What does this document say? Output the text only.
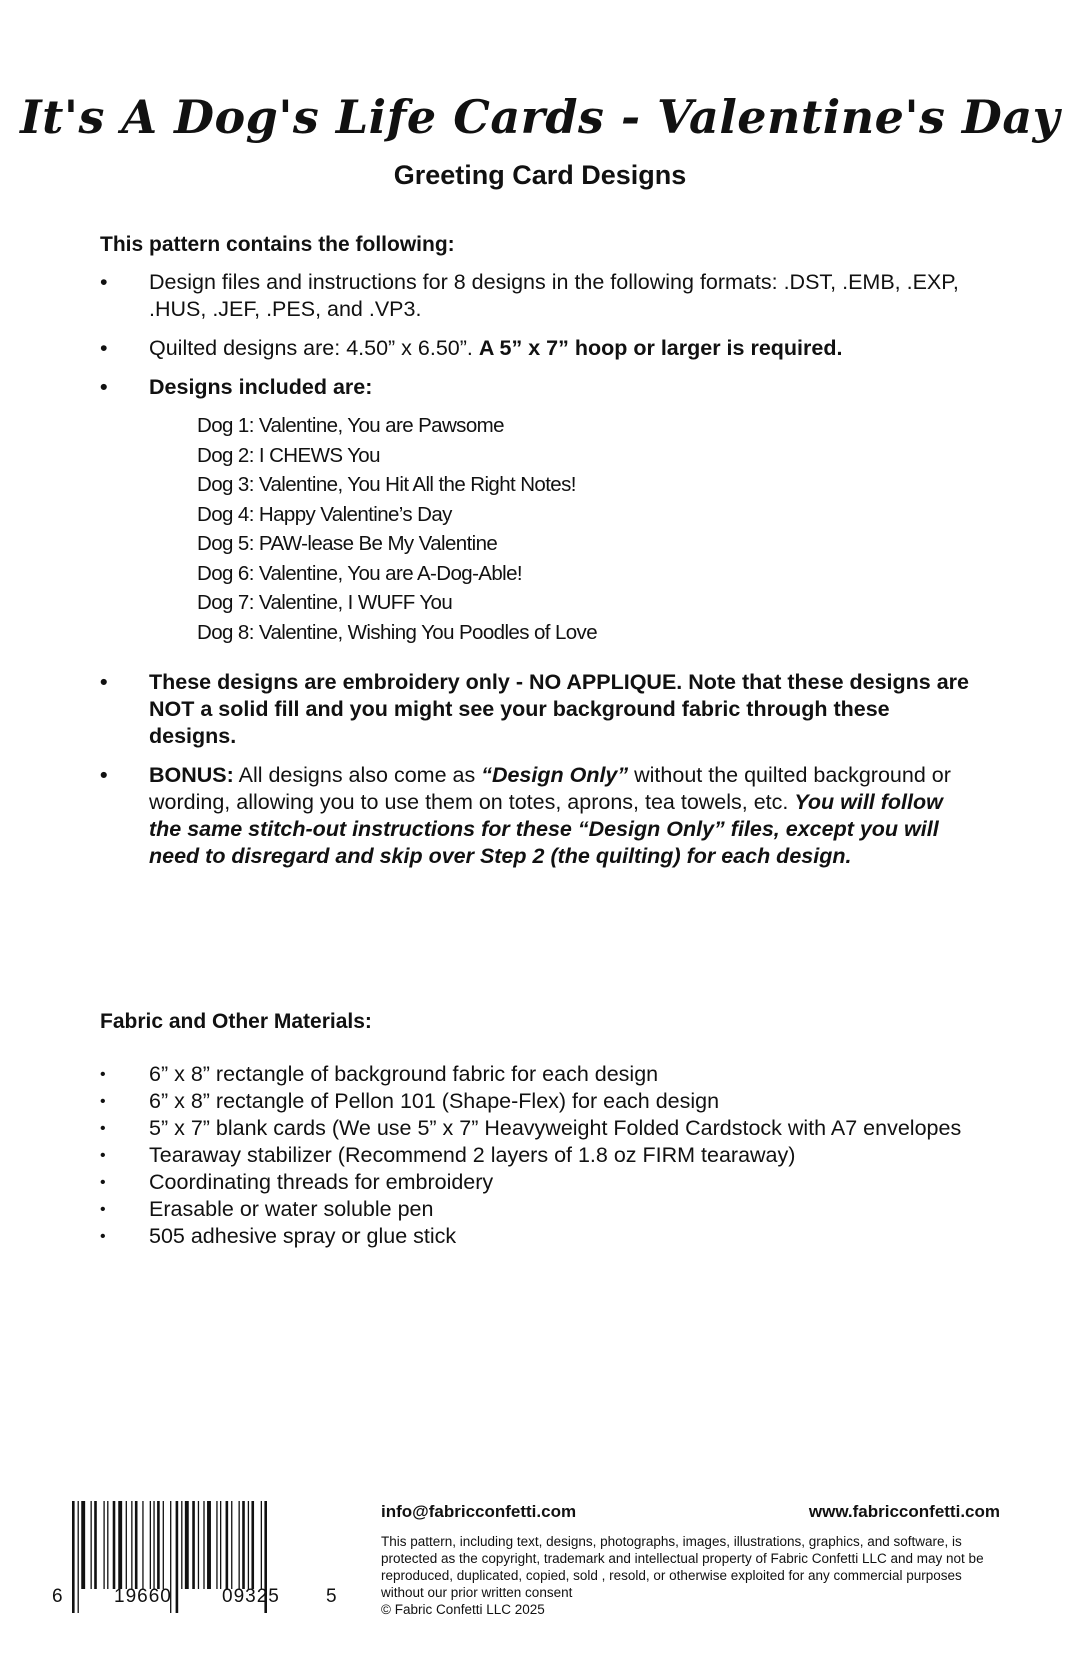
It's A Dog's Life Cards - Valentine's Day
Greeting Card Designs
This pattern contains the following:
• Design files and instructions for 8 designs in the following formats: .DST, .EMB, .EXP, .HUS, .JEF, .PES, and .VP3.
• Quilted designs are: 4.50” x 6.50”. A 5” x 7” hoop or larger is required.
• Designs included are:
Dog 1: Valentine, You are Pawsome
Dog 2: I CHEWS You
Dog 3: Valentine, You Hit All the Right Notes!
Dog 4: Happy Valentine’s Day
Dog 5: PAW-lease Be My Valentine
Dog 6: Valentine, You are A-Dog-Able!
Dog 7: Valentine, I WUFF You
Dog 8: Valentine, Wishing You Poodles of Love
• These designs are embroidery only - NO APPLIQUE. Note that these designs are NOT a solid fill and you might see your background fabric through these designs.
• BONUS: All designs also come as “Design Only” without the quilted background or wording, allowing you to use them on totes, aprons, tea towels, etc. You will follow the same stitch-out instructions for these “Design Only” files, except you will need to disregard and skip over Step 2 (the quilting) for each design.
Fabric and Other Materials:
• 6” x 8” rectangle of background fabric for each design
• 6” x 8” rectangle of Pellon 101 (Shape-Flex) for each design
• 5” x 7” blank cards (We use 5” x 7” Heavyweight Folded Cardstock with A7 envelopes
• Tearaway stabilizer (Recommend 2 layers of 1.8 oz FIRM tearaway)
• Coordinating threads for embroidery
• Erasable or water soluble pen
• 505 adhesive spray or glue stick
6	19660	09325 5
info@fabricconfetti.com	www.fabricconfetti.com

This pattern, including text, designs, photographs, images, illustrations, graphics, and software, is protected as the copyright, trademark and intellectual property of Fabric Confetti LLC and may not be reproduced, duplicated, copied, sold , resold, or otherwise exploited for any commercial purposes without our prior written consent
© Fabric Confetti LLC 2025
